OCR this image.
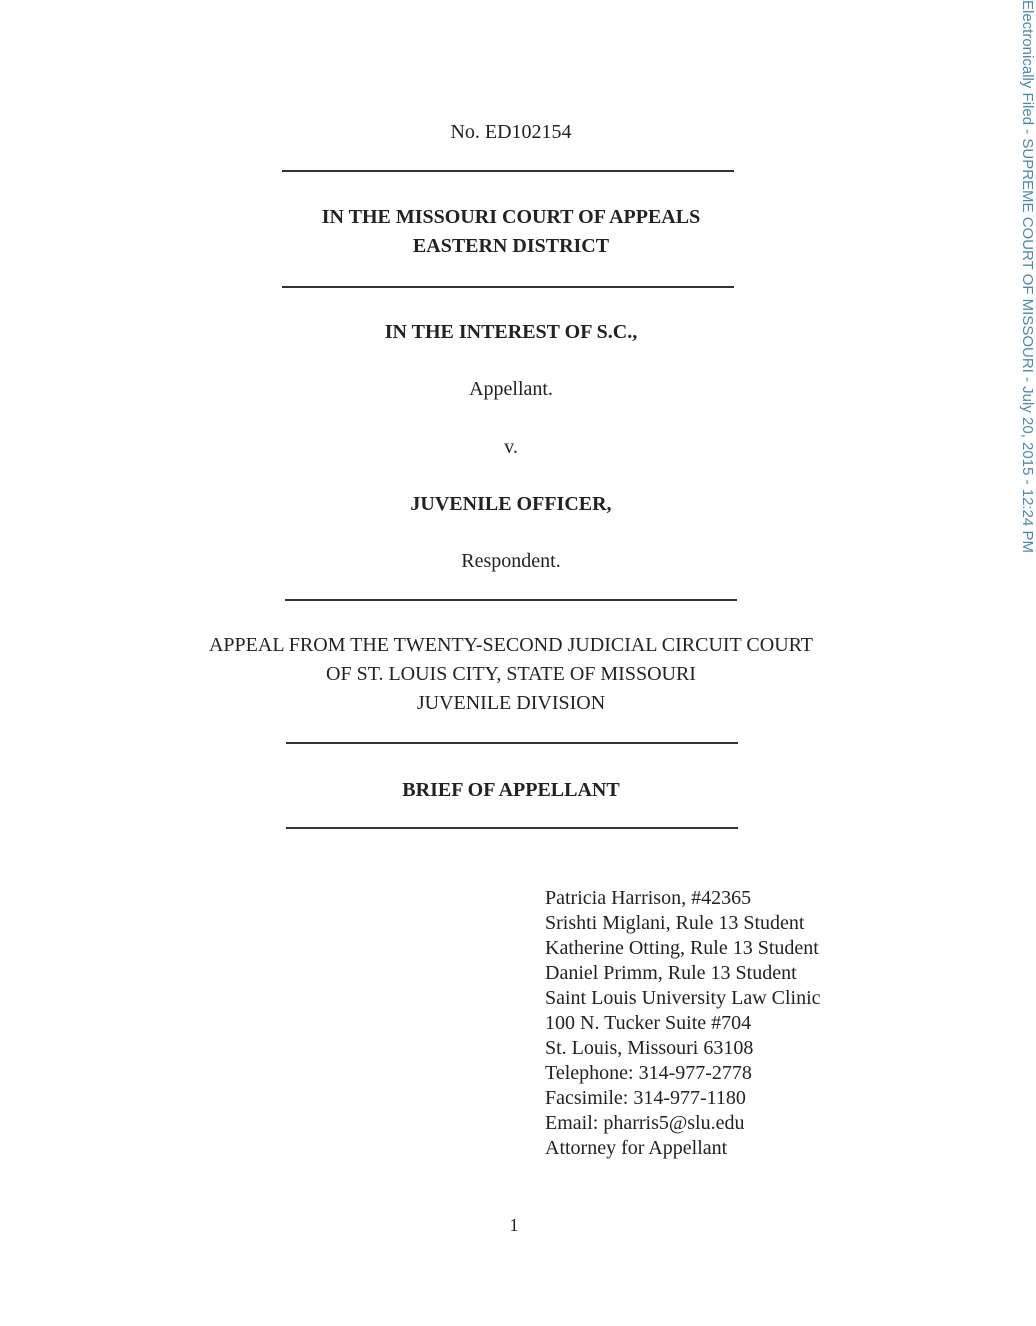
Electronically Filed - SUPREME COURT OF MISSOURI - July 20, 2015 - 12:24 PM
No. ED102154
IN THE MISSOURI COURT OF APPEALS
EASTERN DISTRICT
IN THE INTEREST OF S.C.,
Appellant.
v.
JUVENILE OFFICER,
Respondent.
APPEAL FROM THE TWENTY-SECOND JUDICIAL CIRCUIT COURT
OF ST. LOUIS CITY, STATE OF MISSOURI
JUVENILE DIVISION
BRIEF OF APPELLANT
Patricia Harrison, #42365
Srishti Miglani, Rule 13 Student
Katherine Otting, Rule 13 Student
Daniel Primm, Rule 13 Student
Saint Louis University Law Clinic
100 N. Tucker Suite #704
St. Louis, Missouri 63108
Telephone: 314-977-2778
Facsimile: 314-977-1180
Email: pharris5@slu.edu
Attorney for Appellant
1
